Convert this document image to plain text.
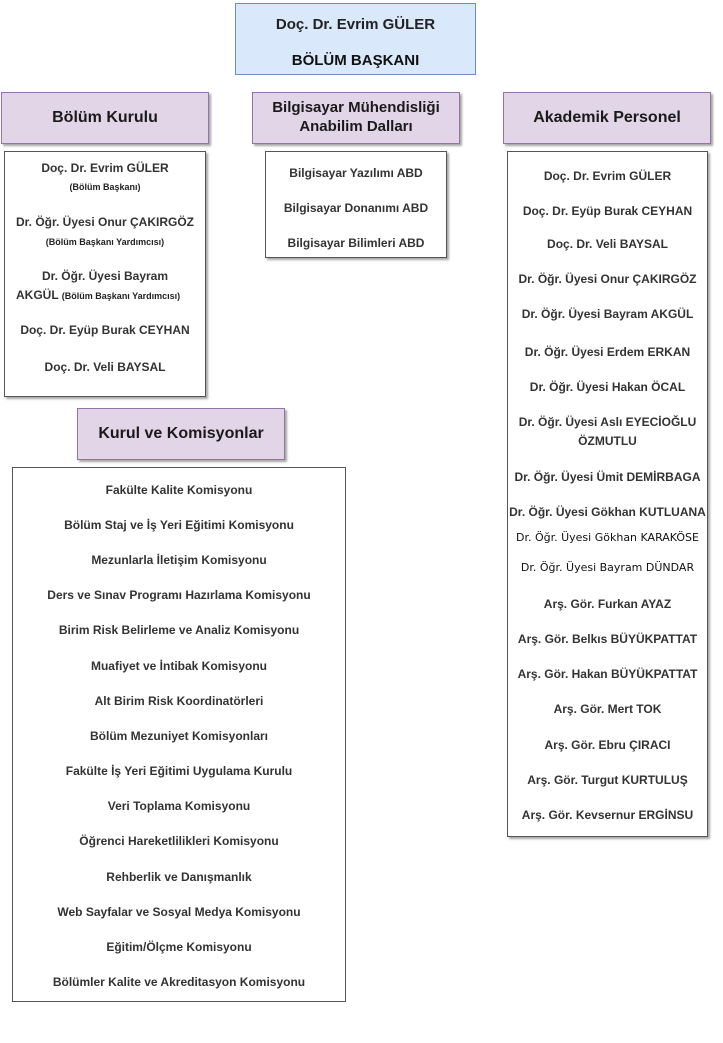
Doç. Dr. Evrim GÜLER
BÖLÜM BAŞKANI
Bölüm Kurulu
Doç. Dr. Evrim GÜLER
(Bölüm Başkanı)
Dr. Öğr. Üyesi Onur ÇAKIRGÖZ
(Bölüm Başkanı Yardımcısı)
Dr. Öğr. Üyesi Bayram
AKGÜL (Bölüm Başkanı Yardımcısı)
Doç. Dr. Eyüp Burak CEYHAN
Doç. Dr. Veli BAYSAL
Bilgisayar Mühendisliği
Anabilim Dalları
Bilgisayar Yazılımı ABD
Bilgisayar Donanımı ABD
Bilgisayar Bilimleri ABD
Akademik Personel
Doç. Dr. Evrim GÜLER
Doç. Dr. Eyüp Burak CEYHAN
Doç. Dr. Veli BAYSAL
Dr. Öğr. Üyesi Onur ÇAKIRGÖZ
Dr. Öğr. Üyesi Bayram AKGÜL
Dr. Öğr. Üyesi Erdem ERKAN
Dr. Öğr. Üyesi Hakan ÖCAL
Dr. Öğr. Üyesi Aslı EYECİOĞLU
ÖZMUTLU
Dr. Öğr. Üyesi Ümit DEMİRBAGA
Dr. Öğr. Üyesi Gökhan KUTLUANA
Dr. Öğr. Üyesi Gökhan KARAKÖSE
Dr. Öğr. Üyesi Bayram DÜNDAR
Arş. Gör. Furkan AYAZ
Arş. Gör. Belkıs BÜYÜKPATTAT
Arş. Gör. Hakan BÜYÜKPATTAT
Arş. Gör. Mert TOK
Arş. Gör. Ebru ÇIRACI
Arş. Gör. Turgut KURTULUŞ
Arş. Gör. Kevsernur ERGİNSU
Kurul ve Komisyonlar
Fakülte Kalite Komisyonu
Bölüm Staj ve İş Yeri Eğitimi Komisyonu
Mezunlarla İletişim Komisyonu
Ders ve Sınav Programı Hazırlama Komisyonu
Birim Risk Belirleme ve Analiz Komisyonu
Muafiyet ve İntibak Komisyonu
Alt Birim Risk Koordinatörleri
Bölüm Mezuniyet Komisyonları
Fakülte İş Yeri Eğitimi Uygulama Kurulu
Veri Toplama Komisyonu
Öğrenci Hareketlilikleri Komisyonu
Rehberlik ve Danışmanlık
Web Sayfalar ve Sosyal Medya Komisyonu
Eğitim/Ölçme Komisyonu
Bölümler Kalite ve Akreditasyon Komisyonu
